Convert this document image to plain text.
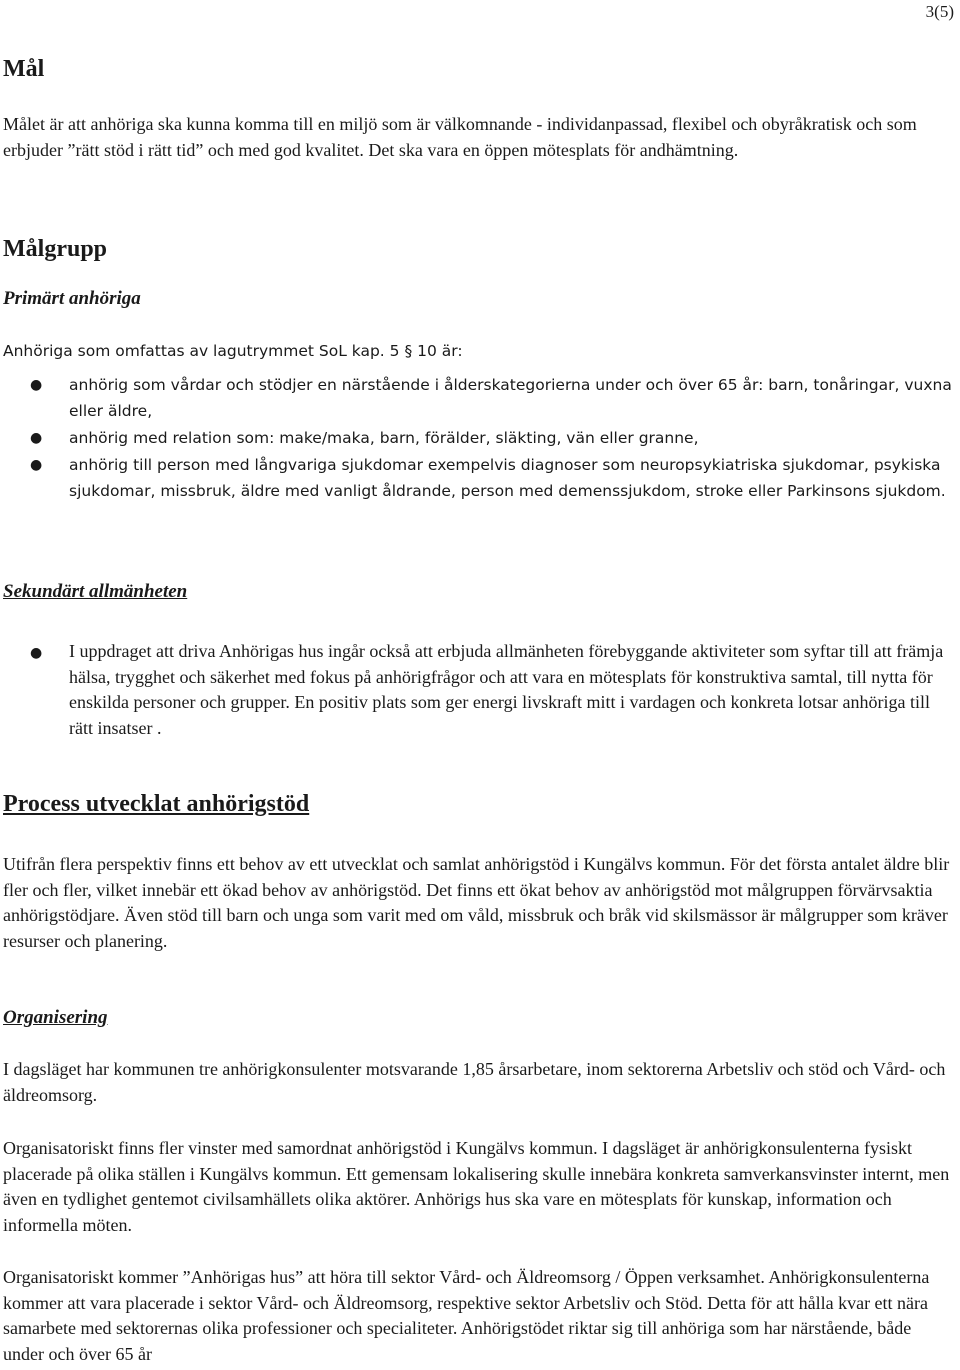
3(5)
Mål

Målet är att anhöriga ska kunna komma till en miljö som är välkomnande - individanpassad, flexibel och obyråkratisk och som erbjuder ”rätt stöd i rätt tid” och med god kvalitet. Det ska vara en öppen mötesplats för andhämtning.

Målgrupp
Primärt anhöriga

Anhöriga som omfattas av lagutrymmet SoL kap. 5 § 10 är:

● anhörig som vårdar och stödjer en närstående i ålderskategorierna under och över 65 år: barn, tonåringar, vuxna eller äldre,
● anhörig med relation som: make/maka, barn, förälder, släkting, vän eller granne,
● anhörig till person med långvariga sjukdomar exempelvis diagnoser som neuropsykiatriska sjukdomar, psykiska sjukdomar, missbruk, äldre med vanligt åldrande, person med demenssjukdom, stroke eller Parkinsons sjukdom.
Sekundärt allmänheten
● I uppdraget att driva Anhörigas hus ingår också att erbjuda allmänheten förebyggande aktiviteter som syftar till att främja hälsa, trygghet och säkerhet med fokus på anhörigfrågor och att vara en mötesplats för konstruktiva samtal, till nytta för enskilda personer och grupper. En positiv plats som ger energi livskraft mitt i vardagen och konkreta lotsar anhöriga till rätt insatser .
Process utvecklat anhörigstöd

Utifrån flera perspektiv finns ett behov av ett utvecklat och samlat anhörigstöd i Kungälvs kommun. För det första antalet äldre blir fler och fler, vilket innebär ett ökad behov av anhörigstöd. Det finns ett ökat behov av anhörigstöd mot målgruppen förvärvsaktia anhörigstödjare. Även stöd till barn och unga som varit med om våld, missbruk och bråk vid skilsmässor är målgrupper som kräver resurser och planering.

Organisering

I dagsläget har kommunen tre anhörigkonsulenter motsvarande 1,85 årsarbetare, inom sektorerna Arbetsliv och stöd och Vård- och äldreomsorg.

Organisatoriskt finns fler vinster med samordnat anhörigstöd i Kungälvs kommun. I dagsläget är anhörigkonsulenterna fysiskt placerade på olika ställen i Kungälvs kommun. Ett gemensam lokalisering skulle innebära konkreta samverkansvinster internt, men även en tydlighet gentemot civilsamhällets olika aktörer. Anhörigs hus ska vare en mötesplats för kunskap, information och informella möten.

Organisatoriskt kommer ”Anhörigas hus” att höra till sektor Vård- och Äldreomsorg / Öppen verksamhet. Anhörigkonsulenterna kommer att vara placerade i sektor Vård- och Äldreomsorg, respektive sektor Arbetsliv och Stöd. Detta för att hålla kvar ett nära samarbete med sektorernas olika professioner och specialiteter. Anhörigstödet riktar sig till anhöriga som har närstående, både under och över 65 år
